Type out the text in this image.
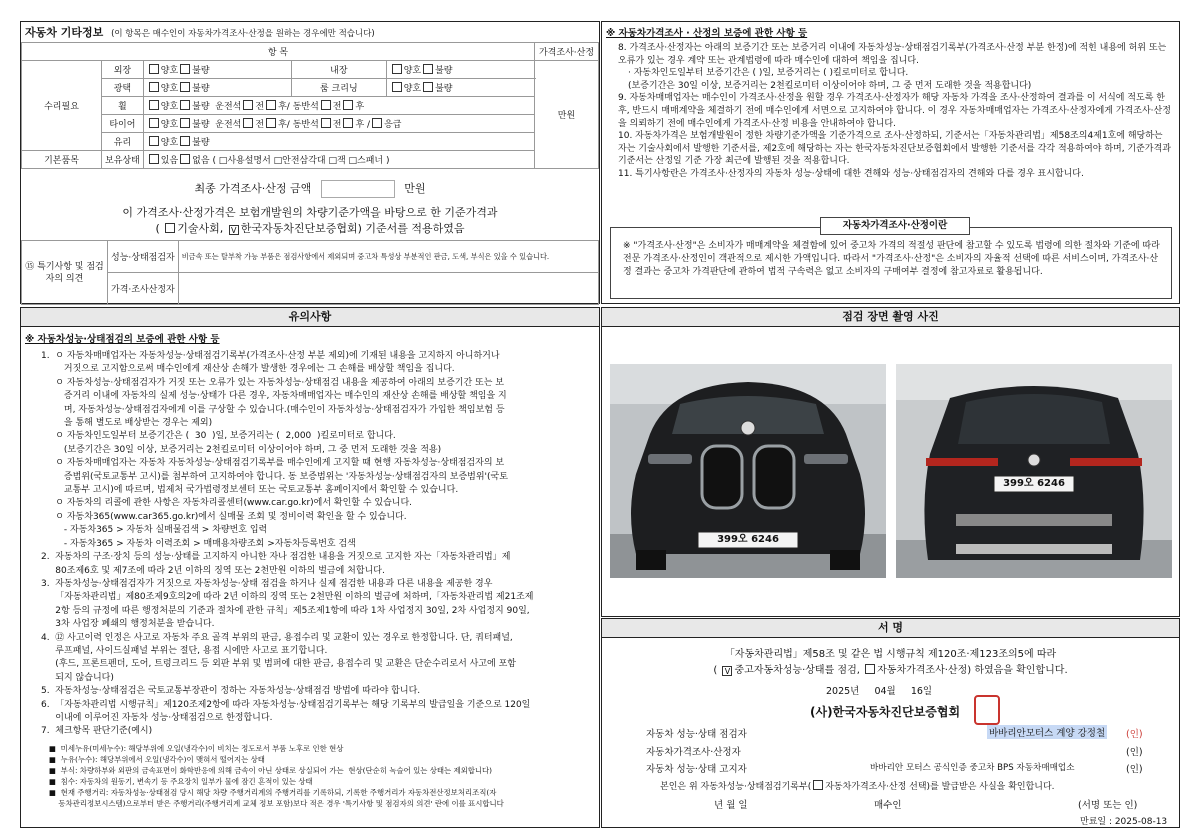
자동차 기타정보 (이 항목은 매수인이 자동차가격조사·산정을 원하는 경우에만 적습니다)
항 목					가격조사·산정
수리필요	외장	양호 불량	내장	양호 불량	만원
	광택	양호 불량	룸 크리닝	양호 불량	
	휠	양호 불량 운전석 전 후/ 동반석 전 후			
	타이어	양호 불량 운전석 전 후/ 동반석 전 후 / 응급			
	유리	양호 불량			
기본품목	보유상태	있음 없음 ( □사용설명서 □안전삼각대 □잭 □스패너 )			
최종 가격조사·산정 금액	만원
이 가격조사·산정가격은 보험개발원의 차량기준가액을 바탕으로 한 기준가격과
( 기술사회, V 한국자동차진단보증협회) 기준서를 적용하였음
⑮ 특기사항 및 점검자의 의견	성능·상태점검자	비금속 또는 탈부착 가능 부품은 점검사항에서 제외되며 중고차 특성상 부분적인 판금, 도색, 부식은 있을 수 있습니다.
	가격·조사산정자	
※ 자동차가격조사 · 산정의 보증에 관한 사항 등
8. 가격조사·산정자는 아래의 보증기간 또는 보증거리 이내에 자동차성능·상태점검기록부(가격조사·산정 부분 한정)에 적힌 내용에 허위 또는 오류가 있는 경우 계약 또는 관계법령에 따라 매수인에 대하여 책임을 집니다.
· 자동차인도일부터 보증기간은 ( )일, 보증거리는 ( )킬로미터로 합니다.
(보증기간은 30일 이상, 보증거리는 2천킬로미터 이상이어야 하며, 그 중 먼저 도래한 것을 적용합니다)
9. 자동차매매업자는 매수인이 가격조사·산정을 원할 경우 가격조사·산정자가 해당 자동차 가격을 조사·산정하여 결과를 이 서식에 적도록 한 후, 반드시 매매계약을 체결하기 전에 매수인에게 서면으로 고지하여야 합니다. 이 경우 자동차매매업자는 가격조사·산정자에게 가격조사·산정을 의뢰하기 전에 매수인에게 가격조사·산정 비용을 안내하여야 합니다.
10. 자동차가격은 보험개발원이 정한 차량기준가액을 기준가격으로 조사·산정하되, 기준서는「자동차관리법」제58조의4제1호에 해당하는 자는 기술사회에서 발행한 기준서를, 제2호에 해당하는 자는 한국자동차진단보증협회에서 발행한 기준서를 각각 적용하여야 하며, 기준가격과 기준서는 산정일 기준 가장 최근에 발행된 것을 적용합니다.
11. 특기사항란은 가격조사·산정자의 자동차 성능·상태에 대한 견해와 성능·상태점검자의 견해와 다를 경우 표시합니다.
자동차가격조사·산정이란
※ "가격조사·산정"은 소비자가 매매계약을 체결함에 있어 중고차 가격의 적절성 판단에 참고할 수 있도록 법령에 의한 절차와 기준에 따라 전문 가격조사·산정인이 객관적으로 제시한 가액입니다. 따라서 "가격조사·산정"은 소비자의 자율적 선택에 따른 서비스이며, 가격조사·산정 결과는 중고차 가격판단에 관하여 법적 구속력은 없고 소비자의 구매여부 결정에 참고자료로 활용됩니다.
유의사항
※ 자동차성능·상태점검의 보증에 관한 사항 등
1.  ㅇ 자동차매매업자는 자동차성능·상태점검기록부(가격조사·산정 부분 제외)에 기재된 내용을 고지하지 아니하거나
거짓으로 고지함으로써 매수인에게 재산상 손해가 발생한 경우에는 그 손해를 배상할 책임을 집니다.
ㅇ 자동차성능·상태점검자가 거짓 또는 오류가 있는 자동차성능·상태점검 내용을 제공하여 아래의 보증기간 또는 보
증거리 이내에 자동차의 실제 성능·상태가 다른 경우, 자동차매매업자는 매수인의 재산상 손해를 배상할 책임을 지
며, 자동차성능·상태점검자에게 이를 구상할 수 있습니다.(매수인이 자동차성능·상태점검자가 가입한 책임보험 등
을 통해 별도로 배상받는 경우는 제외)
ㅇ 자동차인도일부터 보증기간은 (  30  )일, 보증거리는 (  2,000  )킬로미터로 합니다.
(보증기간은 30일 이상, 보증거리는 2천킬로미터 이상이어야 하며, 그 중 먼저 도래한 것을 적용)
ㅇ 자동차매매업자는 자동차 자동차성능·상태점검기록부를 매수인에게 고지할 때 현행 자동차성능·상태점검자의 보
증범위(국토교통부 고시)를 첨부하여 고지하여야 합니다. 동 보증범위는 '자동차성능·상태점검자의 보증범위'(국토
교통부 고시)에 따르며, 법제처 국가법령정보센터 또는 국토교통부 홈페이지에서 확인할 수 있습니다.
ㅇ 자동차의 리콜에 관한 사항은 자동차리콜센터(www.car.go.kr)에서 확인할 수 있습니다.
ㅇ 자동차365(www.car365.go.kr)에서 실매물 조회 및 정비이력 확인을 할 수 있습니다.
- 자동차365 > 자동차 실매물검색 > 차량번호 입력
- 자동차365 > 자동차 이력조회 > 매매용차량조회 >자동차등록번호 검색
2.  자동차의 구조·장치 등의 성능·상태를 고지하지 아니한 자나 점검한 내용을 거짓으로 고지한 자는「자동차관리법」제
80조제6호 및 제7조에 따라 2년 이하의 징역 또는 2천만원 이하의 벌금에 처합니다.
3.  자동차성능·상태점검자가 거짓으로 자동차성능·상태 점검을 하거나 실제 점검한 내용과 다른 내용을 제공한 경우
「자동차관리법」제80조제9호의2에 따라 2년 이하의 징역 또는 2천만원 이하의 벌금에 처하며,「자동차관리법 제21조제
2항 등의 규정에 따른 행정처분의 기준과 절차에 관한 규칙」제5조제1항에 따라 1차 사업정지 30일, 2차 사업정지 90일,
3차 사업장 폐쇄의 행정처분을 받습니다.
4.  ⑫ 사고이력 인정은 사고로 자동차 주요 골격 부위의 판금, 용접수리 및 교환이 있는 경우로 한정합니다. 단, 쿼터패널,
루프패널, 사이드실패널 부위는 절단, 용접 시에만 사고로 표기합니다.
(후드, 프론트펜더, 도어, 트렁크리드 등 외판 부위 및 범퍼에 대한 판금, 용접수리 및 교환은 단순수리로서 사고에 포함
되지 않습니다)
5.  자동차성능·상태점검은 국토교통부장관이 정하는 자동차성능·상태점검 방법에 따라야 합니다.
6.  「자동차관리법 시행규칙」제120조제2항에 따라 자동차성능·상태점검기록부는 해당 기록부의 발급일을 기준으로 120일
이내에 이루어진 자동차 성능·상태점검으로 한정합니다.
7.  체크항목 판단기준(예시)
■  미세누유(미세누수): 해당부위에 오일(냉각수)이 비치는 정도로서 부품 노후로 인한 현상
■  누유(누수): 해당부위에서 오일(냉각수)이 맺혀서 떨어지는 상태
■  부식: 차량하부와 외판의 금속표면이 화학반응에 의해 금속이 아닌 상태로 상실되어 가는  현상(단순히 녹슬어 있는 상태는 제외합니다)
■  침수: 자동차의 원동기, 변속기 등 주요장치 일부가 물에 잠긴 흔적이 있는 상태
■  현재 주행거리: 자동차성능·상태점검 당시 해당 차량 주행거리계의 주행거리를 기록하되, 기록한 주행거리가 자동차전산정보처리조직(자
동차관리정보시스템)으로부터 받은 주행거리(주행거리계 교체 정보 포함)보다 적은 경우 '특기사항 및 점검자의 의견' 란에 이를 표시합니다
점검 장면 촬영 사진
399오 6246
399오 6246
서 명
「자동차관리법」제58조 및 같은 법 시행규칙 제120조·제123조의5에 따라
( V중고자동차성능·상태를 점검, 자동차가격조사·산정) 하였음을 확인합니다.
2025년 04월 16일
(사)한국자동차진단보증협회
자동차 성능·상태 점검자	바바리안모터스 계양 강정철 (인)
자동차가격조사·산정자	(인)
자동차 성능·상태 고지자	바바리안 모터스 공식인증 중고차 BPS 자동차매매업소	(인)
본인은 위 자동차성능·상태점검기록부( 자동차가격조사·산정 선택)를 발급받은 사실을 확인합니다.
년 월 일	매수인	(서명 또는 인)
만료일 : 2025-08-13
